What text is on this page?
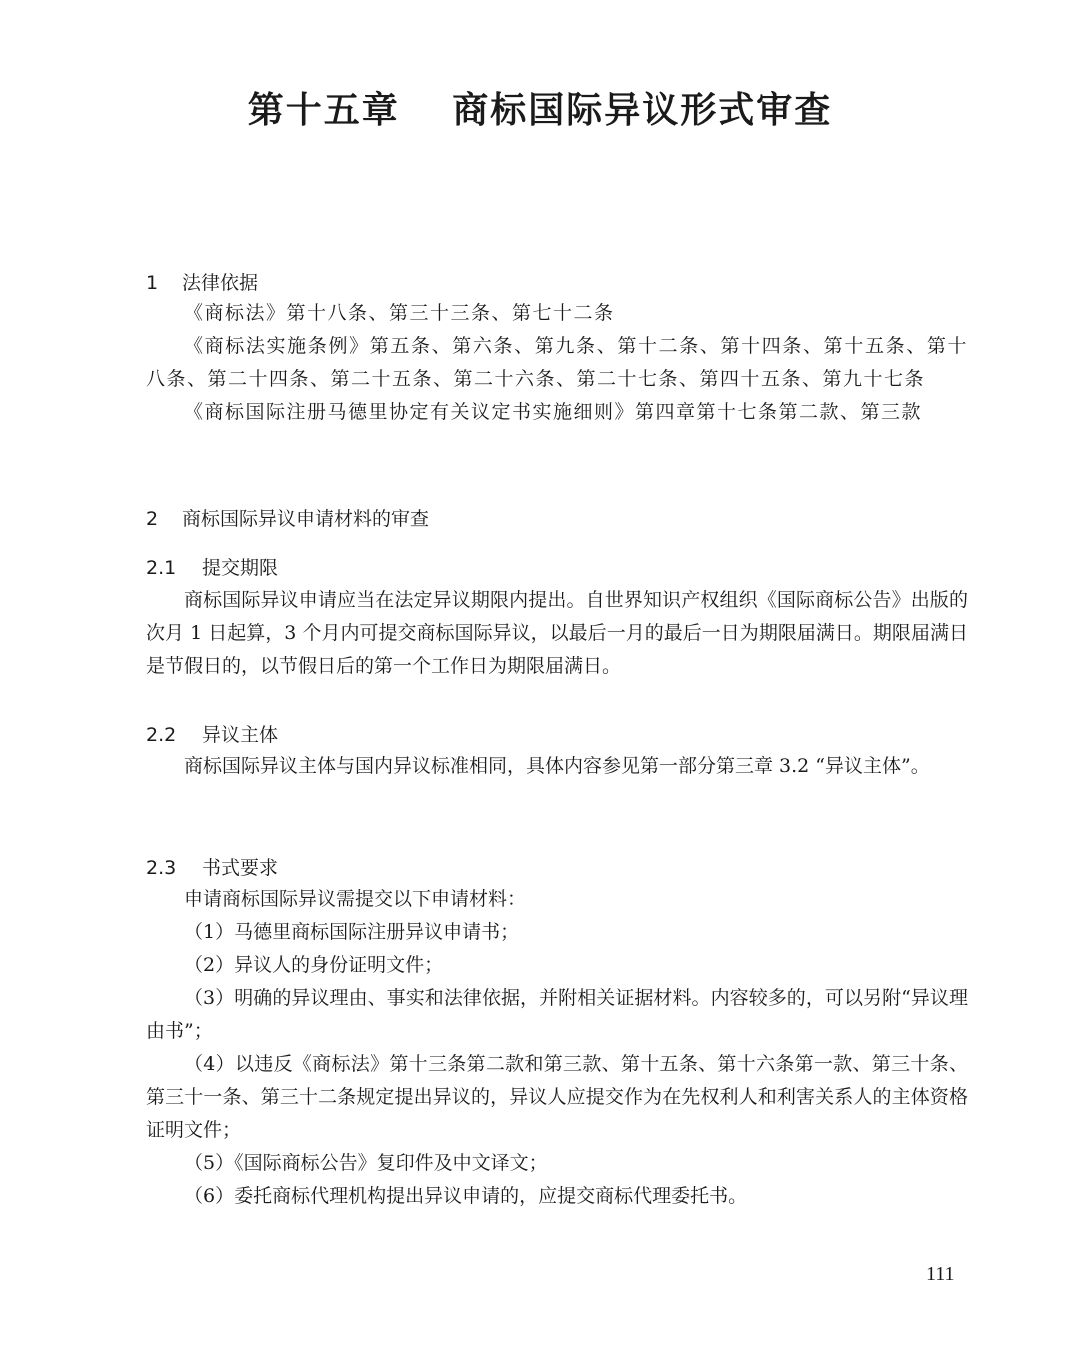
第十五章　 商标国际异议形式审查
1 法律依据

《商标法》第十八条、第三十三条、第七十二条

《商标法实施条例》第五条、第六条、第九条、第十二条、第十四条、第十五条、第十八条、第二十四条、第二十五条、第二十六条、第二十七条、第四十五条、第九十七条

《商标国际注册马德里协定有关议定书实施细则》第四章第十七条第二款、第三款

2 商标国际异议申请材料的审查
2.1 提交期限

商标国际异议申请应当在法定异议期限内提出。自世界知识产权组织《国际商标公告》出版的次月 1 日起算，3 个月内可提交商标国际异议，以最后一月的最后一日为期限届满日。期限届满日是节假日的，以节假日后的第一个工作日为期限届满日。

2.2 异议主体

商标国际异议主体与国内异议标准相同，具体内容参见第一部分第三章 3.2 “异议主体”。

2.3 书式要求

申请商标国际异议需提交以下申请材料：

（1）马德里商标国际注册异议申请书；

（2）异议人的身份证明文件；

（3）明确的异议理由、事实和法律依据，并附相关证据材料。内容较多的，可以另附“异议理由书”；

（4）以违反《商标法》第十三条第二款和第三款、第十五条、第十六条第一款、第三十条、第三十一条、第三十二条规定提出异议的，异议人应提交作为在先权利人和利害关系人的主体资格证明文件；

（5）《国际商标公告》复印件及中文译文；

（6）委托商标代理机构提出异议申请的，应提交商标代理委托书。

111
